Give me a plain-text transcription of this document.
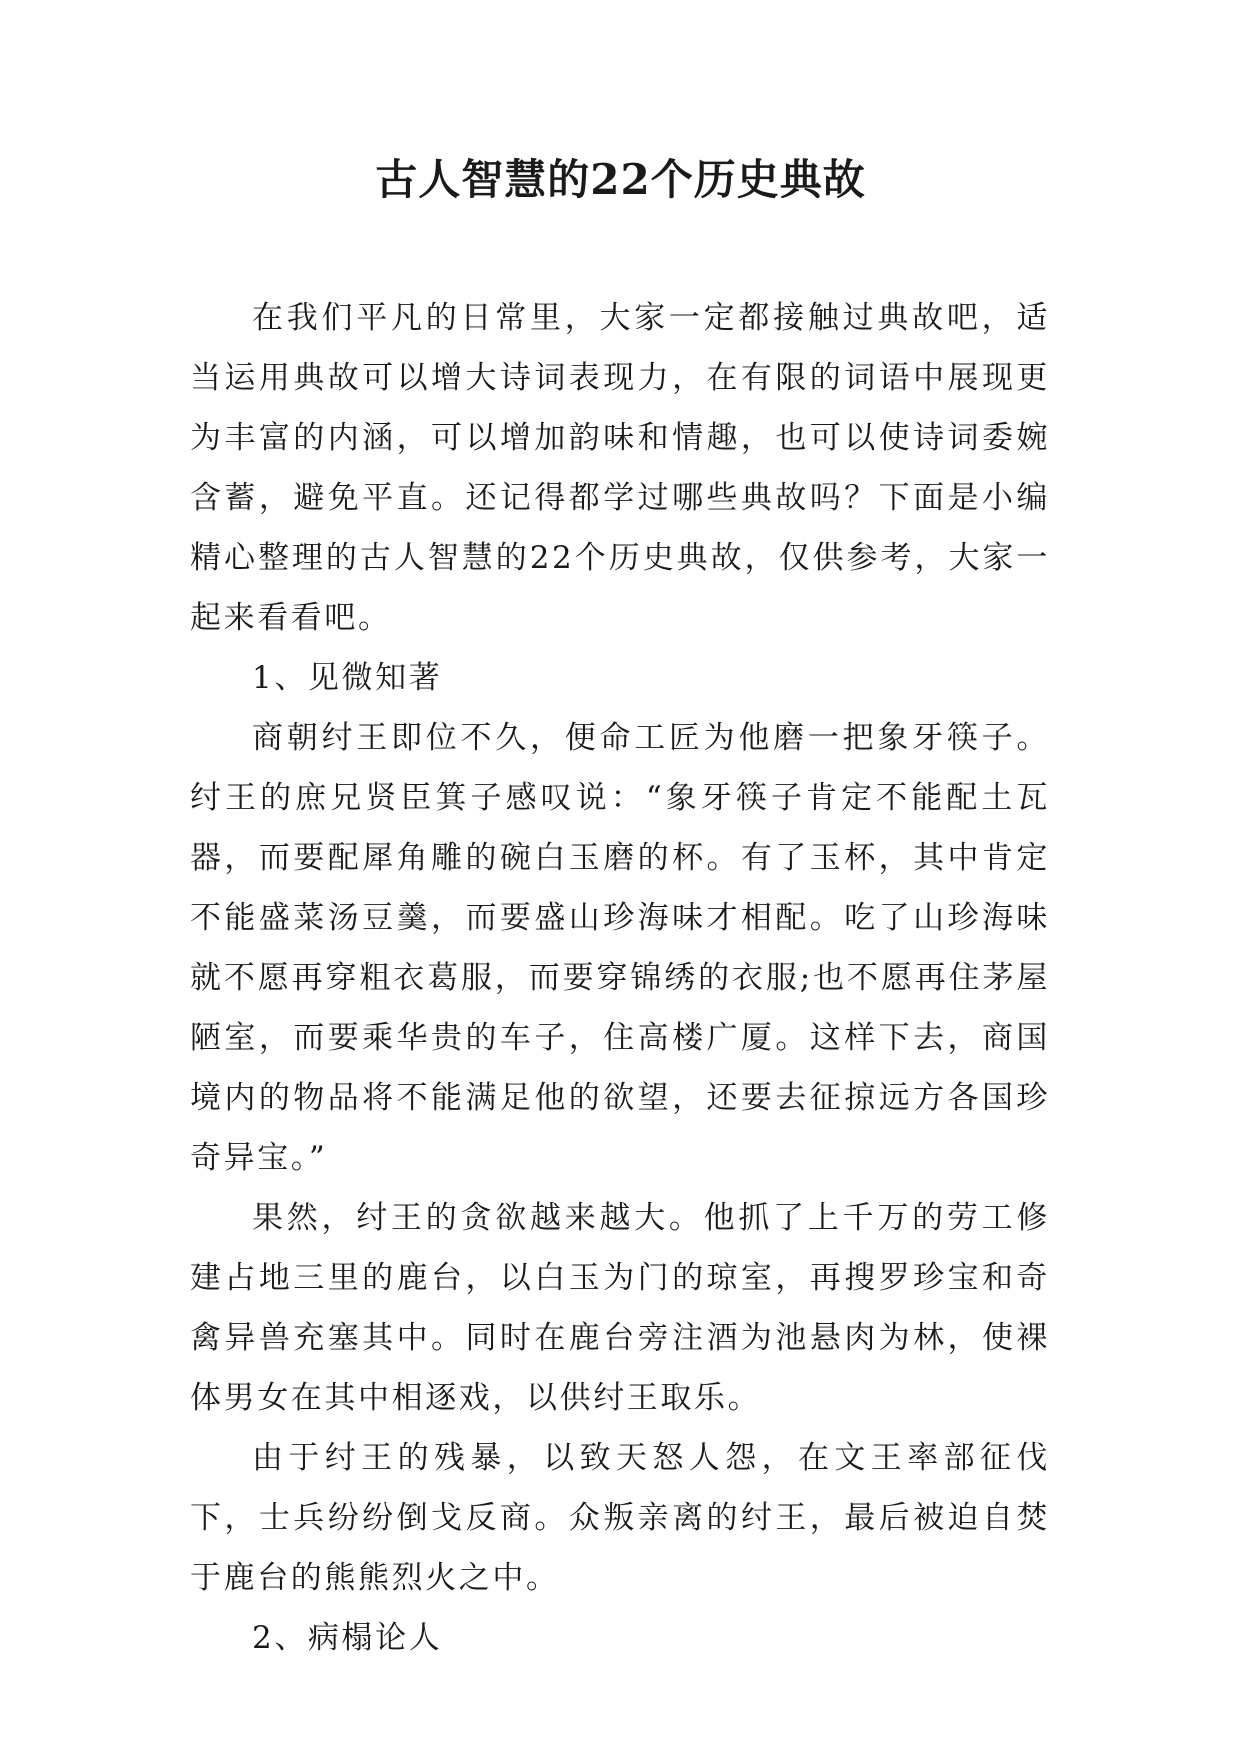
古人智慧的22个历史典故

在我们平凡的日常里，大家一定都接触过典故吧，适当运用典故可以增大诗词表现力，在有限的词语中展现更为丰富的内涵，可以增加韵味和情趣，也可以使诗词委婉含蓄，避免平直。还记得都学过哪些典故吗？下面是小编精心整理的古人智慧的22个历史典故，仅供参考，大家一起来看看吧。

1、见微知著

商朝纣王即位不久，便命工匠为他磨一把象牙筷子。纣王的庶兄贤臣箕子感叹说：“象牙筷子肯定不能配土瓦器，而要配犀角雕的碗白玉磨的杯。有了玉杯，其中肯定不能盛菜汤豆羹，而要盛山珍海味才相配。吃了山珍海味就不愿再穿粗衣葛服，而要穿锦绣的衣服;也不愿再住茅屋陋室，而要乘华贵的车子，住高楼广厦。这样下去，商国境内的物品将不能满足他的欲望，还要去征掠远方各国珍奇异宝。”

果然，纣王的贪欲越来越大。他抓了上千万的劳工修建占地三里的鹿台，以白玉为门的琼室，再搜罗珍宝和奇禽异兽充塞其中。同时在鹿台旁注酒为池悬肉为林，使裸体男女在其中相逐戏，以供纣王取乐。

由于纣王的残暴，以致天怒人怨，在文王率部征伐下，士兵纷纷倒戈反商。众叛亲离的纣王，最后被迫自焚于鹿台的熊熊烈火之中。

2、病榻论人
